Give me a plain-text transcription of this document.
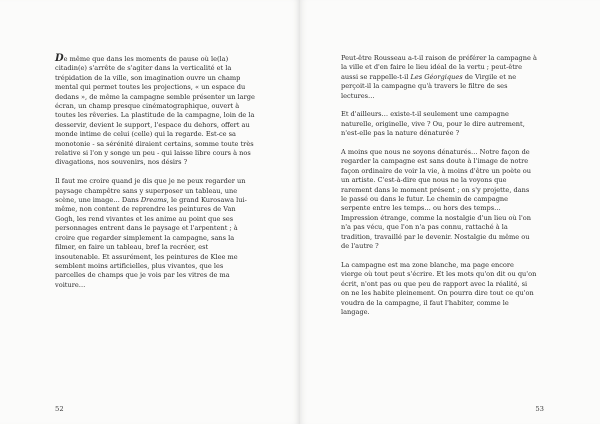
De même que dans les moments de pause où le(la) citadin(e) s'arrête de s'agiter dans la verticalité et la trépidation de la ville, son imagination ouvre un champ mental qui permet toutes les projections, « un espace du dedans », de même la campagne semble présenter un large écran, un champ presque cinématographique, ouvert à toutes les rêveries. La plastitude de la campagne, loin de la desservir, devient le support, l'espace du dehors, offert au monde intime de celui (celle) qui la regarde. Est-ce sa monotonie - sa sérénité diraient certains, somme toute très relative si l'on y songe un peu - qui laisse libre cours à nos divagations, nos souvenirs, nos désirs ?

Il faut me croire quand je dis que je ne peux regarder un paysage champêtre sans y superposer un tableau, une scène, une image… Dans Dreams, le grand Kurosawa lui-même, non content de reprendre les peintures de Van Gogh, les rend vivantes et les anime au point que ses personnages entrent dans le paysage et l'arpentent ; à croire que regarder simplement la campagne, sans la filmer, en faire un tableau, bref la recréer, est insoutenable. Et assurément, les peintures de Klee me semblent moins artificielles, plus vivantes, que les parcelles de champs que je vois par les vitres de ma voiture…

52

Peut-être Rousseau a-t-il raison de préférer la campagne à la ville et d'en faire le lieu idéal de la vertu ; peut-être aussi se rappelle-t-il Les Géorgiques de Virgile et ne perçoit-il la campagne qu'à travers le filtre de ses lectures…

Et d'ailleurs… existe-t-il seulement une campagne naturelle, originelle, vive ? Ou, pour le dire autrement, n'est-elle pas la nature dénaturée ?

A moins que nous ne soyons dénaturés… Notre façon de regarder la campagne est sans doute à l'image de notre façon ordinaire de voir la vie, à moins d'être un poète ou un artiste. C'est-à-dire que nous ne la voyons que rarement dans le moment présent ; on s'y projette, dans le passé ou dans le futur. Le chemin de campagne serpente entre les temps… ou hors des temps… Impression étrange, comme la nostalgie d'un lieu où l'on n'a pas vécu, que l'on n'a pas connu, rattaché à la tradition, travaillé par le devenir. Nostalgie du même ou de l'autre ?

La campagne est ma zone blanche, ma page encore vierge où tout peut s'écrire. Et les mots qu'on dit ou qu'on écrit, n'ont pas ou que peu de rapport avec la réalité, si on ne les habite pleinement. On pourra dire tout ce qu'on voudra de la campagne, il faut l'habiter, comme le langage.

53
